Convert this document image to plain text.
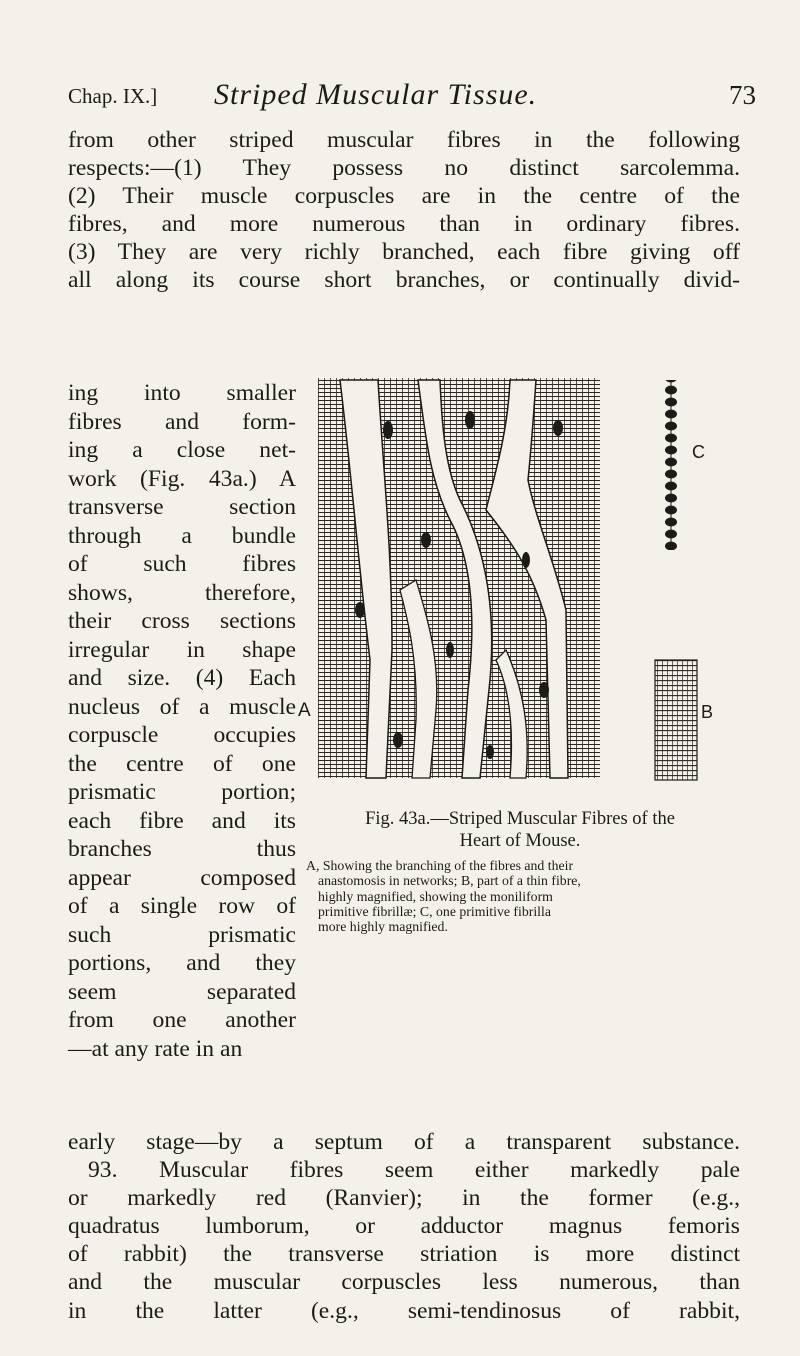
Chap. IX.] Striped Muscular Tissue.	73
from other striped muscular fibres in the following
respects:—(1) They possess no distinct sarcolemma.
(2) Their muscle corpuscles are in the centre of the
fibres, and more numerous than in ordinary fibres.
(3) They are very richly branched, each fibre giving off
all along its course short branches, or continually divid-
ing into smaller
fibres and form-
ing a close net-
work (Fig. 43a.) A
transverse section
through a bundle
of such fibres
shows, therefore,
their cross sections
irregular in shape
and size. (4) Each
nucleus of a muscle
corpuscle occupies
the centre of one
prismatic portion;
each fibre and its
branches thus
appear composed
of a single row of
such prismatic
portions, and they
seem separated
from one another
—at any rate in an
A
C
B
Fig. 43a.—Striped Muscular Fibres of the
Heart of Mouse.
A, Showing the branching of the fibres and their
anastomosis in networks; B, part of a thin fibre,
highly magnified, showing the moniliform
primitive fibrillæ; C, one primitive fibrilla
more highly magnified.
early stage—by a septum of a transparent substance.
93. Muscular fibres seem either markedly pale
or markedly red (Ranvier); in the former (e.g.,
quadratus lumborum, or adductor magnus femoris
of rabbit) the transverse striation is more distinct
and the muscular corpuscles less numerous, than
in the latter (e.g., semi-tendinosus of rabbit,
